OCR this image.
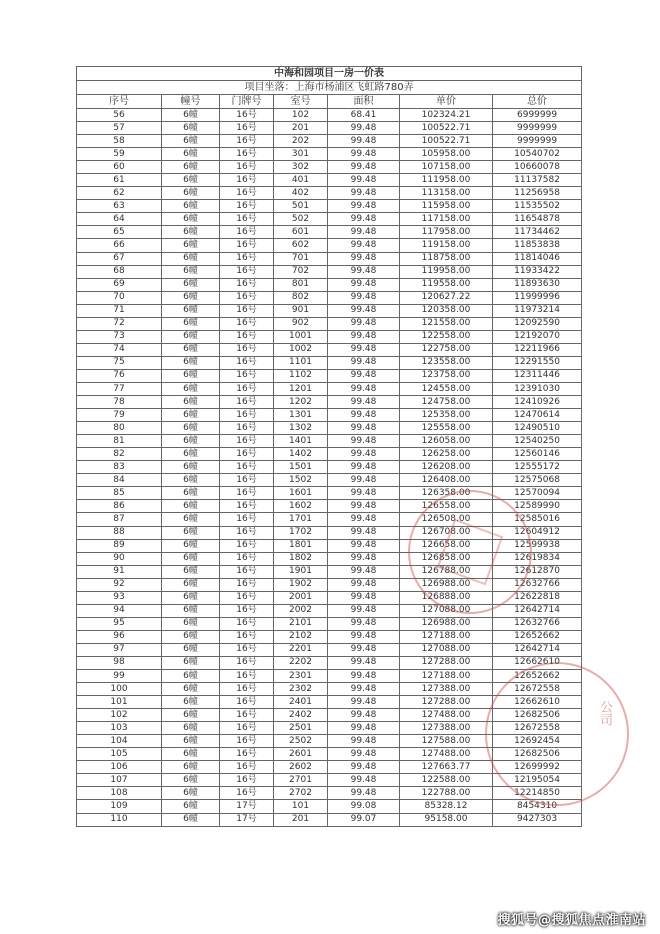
中海和园项目一房一价表						
项目坐落：上海市杨浦区飞虹路780弄						
序号	幢号	门牌号	室号	面积	单价	总价
56	6幢	16号	102	68.41	102324.21	6999999
57	6幢	16号	201	99.48	100522.71	9999999
58	6幢	16号	202	99.48	100522.71	9999999
59	6幢	16号	301	99.48	105958.00	10540702
60	6幢	16号	302	99.48	107158.00	10660078
61	6幢	16号	401	99.48	111958.00	11137582
62	6幢	16号	402	99.48	113158.00	11256958
63	6幢	16号	501	99.48	115958.00	11535502
64	6幢	16号	502	99.48	117158.00	11654878
65	6幢	16号	601	99.48	117958.00	11734462
66	6幢	16号	602	99.48	119158.00	11853838
67	6幢	16号	701	99.48	118758.00	11814046
68	6幢	16号	702	99.48	119958.00	11933422
69	6幢	16号	801	99.48	119558.00	11893630
70	6幢	16号	802	99.48	120627.22	11999996
71	6幢	16号	901	99.48	120358.00	11973214
72	6幢	16号	902	99.48	121558.00	12092590
73	6幢	16号	1001	99.48	122558.00	12192070
74	6幢	16号	1002	99.48	122758.00	12211966
75	6幢	16号	1101	99.48	123558.00	12291550
76	6幢	16号	1102	99.48	123758.00	12311446
77	6幢	16号	1201	99.48	124558.00	12391030
78	6幢	16号	1202	99.48	124758.00	12410926
79	6幢	16号	1301	99.48	125358.00	12470614
80	6幢	16号	1302	99.48	125558.00	12490510
81	6幢	16号	1401	99.48	126058.00	12540250
82	6幢	16号	1402	99.48	126258.00	12560146
83	6幢	16号	1501	99.48	126208.00	12555172
84	6幢	16号	1502	99.48	126408.00	12575068
85	6幢	16号	1601	99.48	126358.00	12570094
86	6幢	16号	1602	99.48	126558.00	12589990
87	6幢	16号	1701	99.48	126508.00	12585016
88	6幢	16号	1702	99.48	126708.00	12604912
89	6幢	16号	1801	99.48	126658.00	12599938
90	6幢	16号	1802	99.48	126858.00	12619834
91	6幢	16号	1901	99.48	126788.00	12612870
92	6幢	16号	1902	99.48	126988.00	12632766
93	6幢	16号	2001	99.48	126888.00	12622818
94	6幢	16号	2002	99.48	127088.00	12642714
95	6幢	16号	2101	99.48	126988.00	12632766
96	6幢	16号	2102	99.48	127188.00	12652662
97	6幢	16号	2201	99.48	127088.00	12642714
98	6幢	16号	2202	99.48	127288.00	12662610
99	6幢	16号	2301	99.48	127188.00	12652662
100	6幢	16号	2302	99.48	127388.00	12672558
101	6幢	16号	2401	99.48	127288.00	12662610
102	6幢	16号	2402	99.48	127488.00	12682506
103	6幢	16号	2501	99.48	127388.00	12672558
104	6幢	16号	2502	99.48	127588.00	12692454
105	6幢	16号	2601	99.48	127488.00	12682506
106	6幢	16号	2602	99.48	127663.77	12699992
107	6幢	16号	2701	99.48	122588.00	12195054
108	6幢	16号	2702	99.48	122788.00	12214850
109	6幢	17号	101	99.08	85328.12	8454310
110	6幢	17号	201	99.07	95158.00	9427303
公司
搜狐号@搜狐焦点淮南站
